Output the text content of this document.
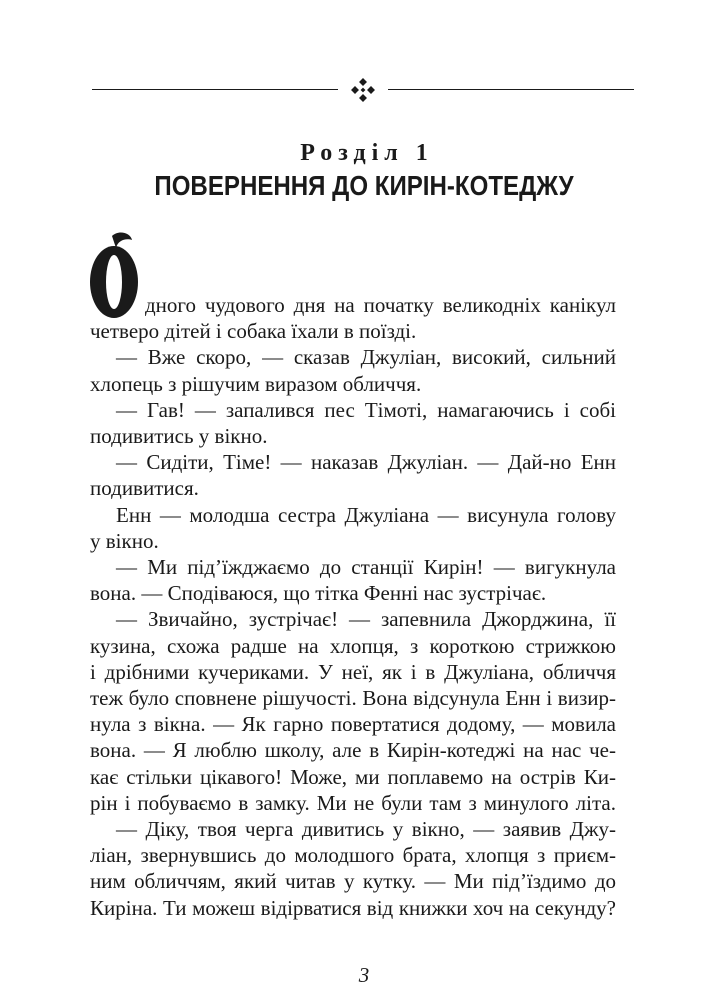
Розділ 1
ПОВЕРНЕННЯ ДО КИРІН-КОТЕДЖУ
О
дного чудового дня на початку великодніх канікул
четверо дітей і собака їхали в поїзді.
— Вже скоро, — сказав Джуліан, високий, сильний
хлопець з рішучим виразом обличчя.
— Гав! — запалився пес Тімоті, намагаючись і собі
подивитись у вікно.
— Сидіти, Тіме! — наказав Джуліан. — Дай-но Енн
подивитися.
Енн — молодша сестра Джуліана — висунула голову
у вікно.
— Ми під’їжджаємо до станції Кирін! — вигукнула
вона. — Сподіваюся, що тітка Фенні нас зустрічає.
— Звичайно, зустрічає! — запевнила Джорджина, її
кузина, схожа радше на хлопця, з короткою стрижкою
і дрібними кучериками. У неї, як і в Джуліана, обличчя
теж було сповнене рішучості. Вона відсунула Енн і визир-
нула з вікна. — Як гарно повертатися додому, — мовила
вона. — Я люблю школу, але в Кирін-котеджі на нас че-
кає стільки цікавого! Може, ми поплавемо на острів Ки-
рін і побуваємо в замку. Ми не були там з минулого літа.
— Діку, твоя черга дивитись у вікно, — заявив Джу-
ліан, звернувшись до молодшого брата, хлопця з приєм-
ним обличчям, який читав у кутку. — Ми під’їздимо до
Киріна. Ти можеш відірватися від книжки хоч на секунду?
3
